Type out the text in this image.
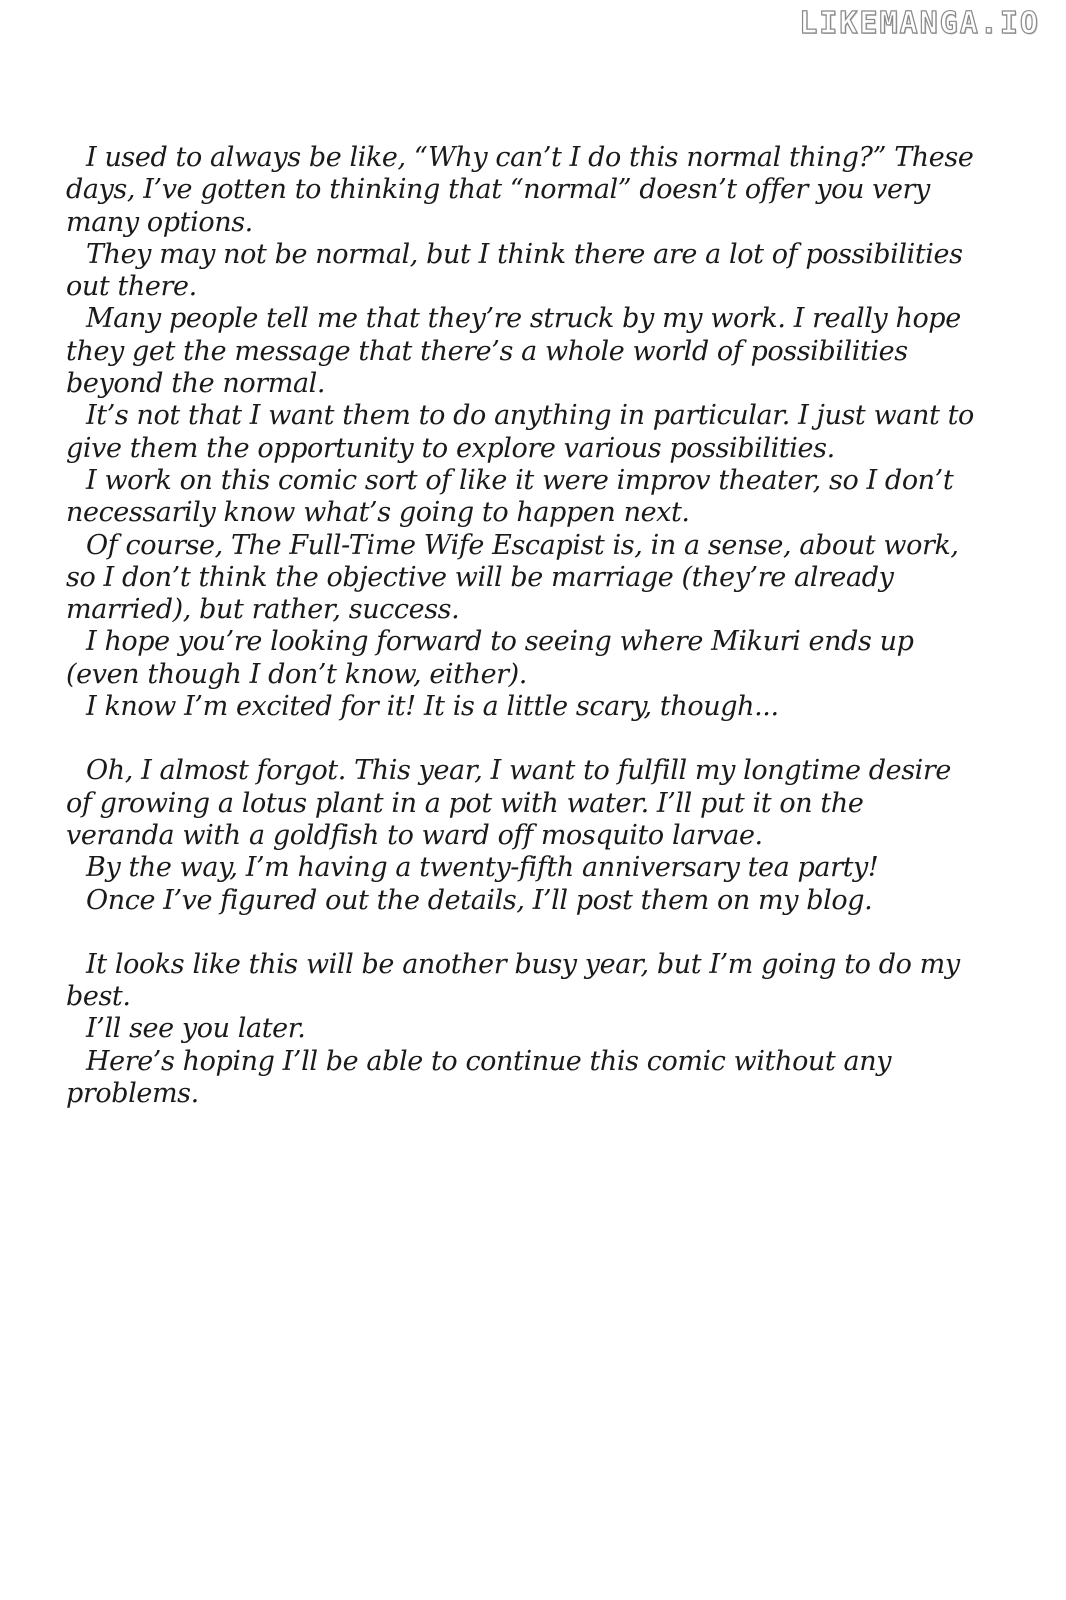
LIKEMANGA.IO

I used to always be like, “Why can’t I do this normal thing?” These days, I’ve gotten to thinking that “normal” doesn’t offer you very many options.

They may not be normal, but I think there are a lot of possibilities out there.

Many people tell me that they’re struck by my work. I really hope they get the message that there’s a whole world of possibilities beyond the normal.

It’s not that I want them to do anything in particular. I just want to give them the opportunity to explore various possibilities.

I work on this comic sort of like it were improv theater, so I don’t necessarily know what’s going to happen next.

Of course, The Full-Time Wife Escapist is, in a sense, about work, so I don’t think the objective will be marriage (they’re already married), but rather, success.

I hope you’re looking forward to seeing where Mikuri ends up (even though I don’t know, either).

I know I’m excited for it! It is a little scary, though...

Oh, I almost forgot. This year, I want to fulfill my longtime desire of growing a lotus plant in a pot with water. I’ll put it on the veranda with a goldfish to ward off mosquito larvae.

By the way, I’m having a twenty-fifth anniversary tea party!

Once I’ve figured out the details, I’ll post them on my blog.

It looks like this will be another busy year, but I’m going to do my best.

I’ll see you later.

Here’s hoping I’ll be able to continue this comic without any problems.
